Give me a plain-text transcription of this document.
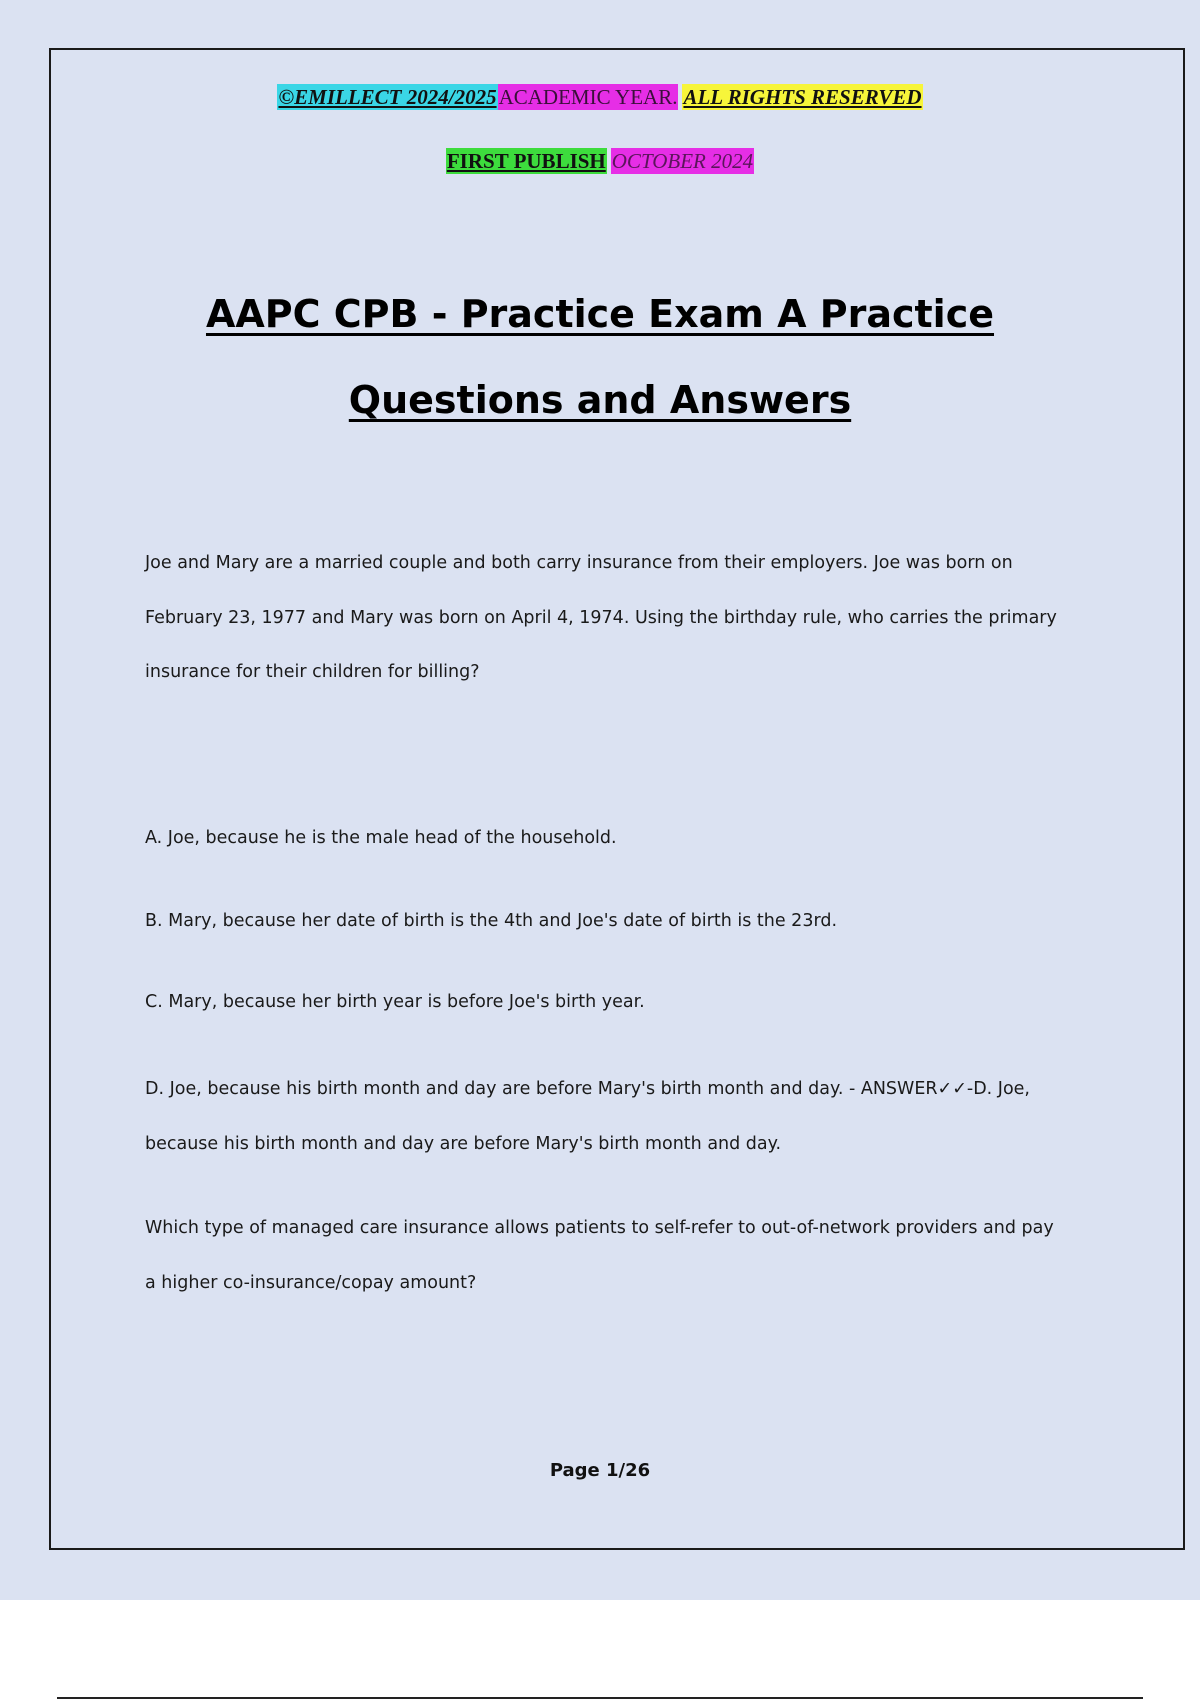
©EMILLECT 2024/2025ACADEMIC YEAR. ALL RIGHTS RESERVED
FIRST PUBLISH OCTOBER 2024
AAPC CPB - Practice Exam A Practice
Questions and Answers
Joe and Mary are a married couple and both carry insurance from their employers. Joe was born on
February 23, 1977 and Mary was born on April 4, 1974. Using the birthday rule, who carries the primary
insurance for their children for billing?
A. Joe, because he is the male head of the household.
B. Mary, because her date of birth is the 4th and Joe's date of birth is the 23rd.
C. Mary, because her birth year is before Joe's birth year.
D. Joe, because his birth month and day are before Mary's birth month and day. - ANSWER✓✓-D. Joe,
because his birth month and day are before Mary's birth month and day.
Which type of managed care insurance allows patients to self-refer to out-of-network providers and pay
a higher co-insurance/copay amount?
Page 1/26
